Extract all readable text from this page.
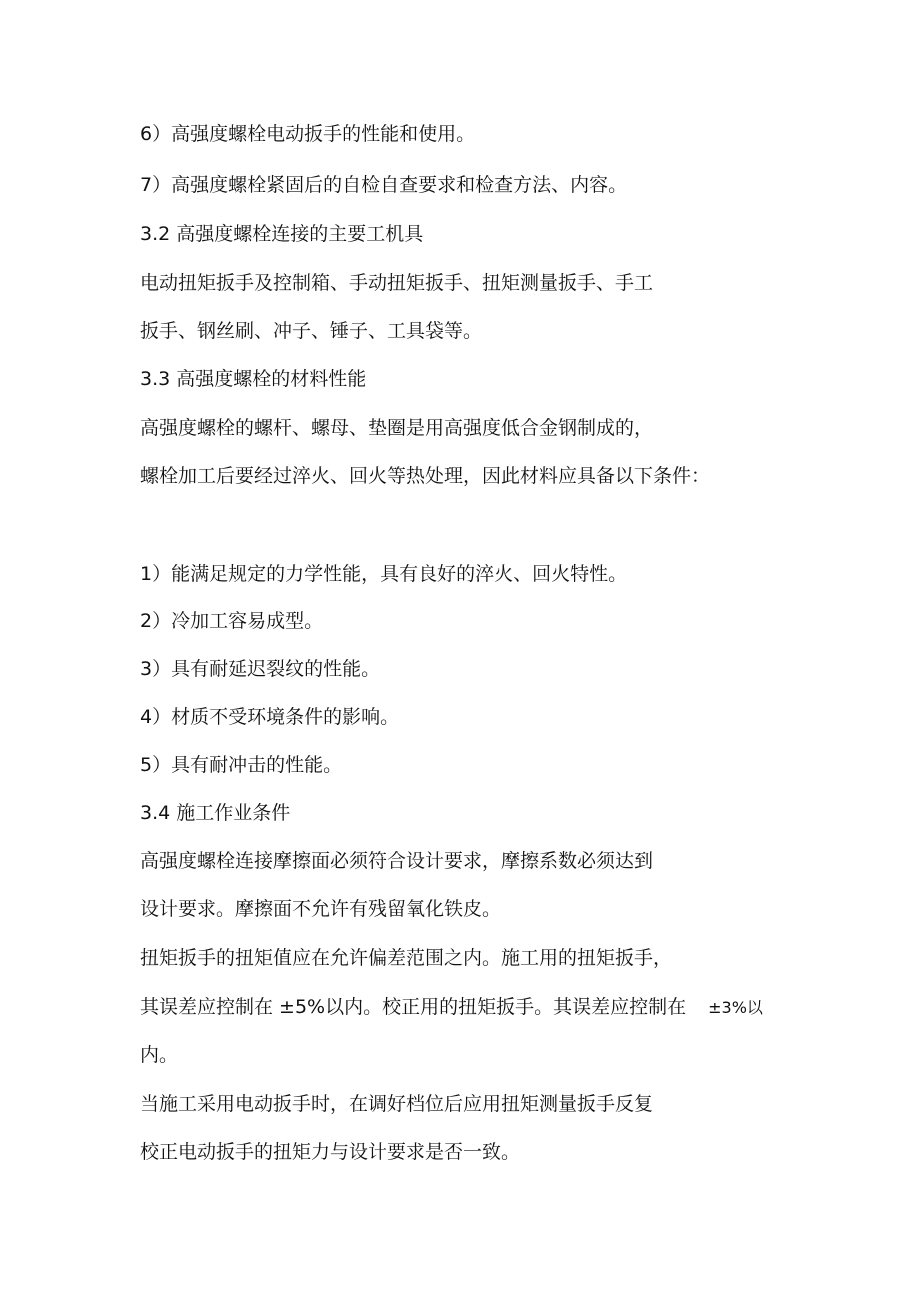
6）高强度螺栓电动扳手的性能和使用。

7）高强度螺栓紧固后的自检自查要求和检查方法、内容。

3.2 高强度螺栓连接的主要工机具

电动扭矩扳手及控制箱、手动扭矩扳手、扭矩测量扳手、手工

扳手、钢丝刷、冲子、锤子、工具袋等。

3.3 高强度螺栓的材料性能

高强度螺栓的螺杆、螺母、垫圈是用高强度低合金钢制成的，

螺栓加工后要经过淬火、回火等热处理，因此材料应具备以下条件：

1）能满足规定的力学性能，具有良好的淬火、回火特性。

2）冷加工容易成型。

3）具有耐延迟裂纹的性能。

4）材质不受环境条件的影响。

5）具有耐冲击的性能。

3.4 施工作业条件

高强度螺栓连接摩擦面必须符合设计要求，摩擦系数必须达到

设计要求。摩擦面不允许有残留氧化铁皮。

扭矩扳手的扭矩值应在允许偏差范围之内。施工用的扭矩扳手，

其误差应控制在 ±5%以内。校正用的扭矩扳手。其误差应控制在 ±3%以

内。

当施工采用电动扳手时，在调好档位后应用扭矩测量扳手反复

校正电动扳手的扭矩力与设计要求是否一致。
